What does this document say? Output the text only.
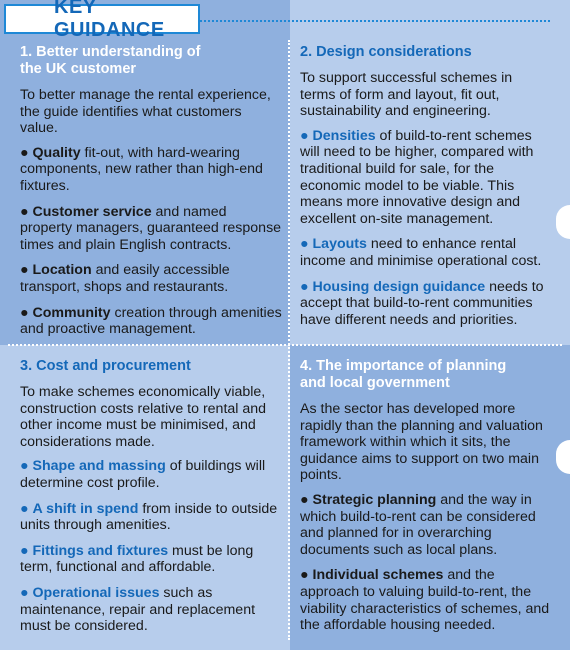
KEY GUIDANCE
1. Better understanding of
the UK customer

To better manage the rental experience, the guide identifies what customers value.

● Quality fit-out, with hard-wearing components, new rather than high-end fixtures.
● Customer service and named property managers, guaranteed response times and plain English contracts.
● Location and easily accessible transport, shops and restaurants.
● Community creation through amenities and proactive management.
2. Design considerations

To support successful schemes in terms of form and layout, fit out, sustainability and engineering.

● Densities of build-to-rent schemes will need to be higher, compared with traditional build for sale, for the economic model to be viable. This means more innovative design and excellent on-site management.
● Layouts need to enhance rental income and minimise operational cost.
● Housing design guidance needs to accept that build-to-rent communities have different needs and priorities.
3. Cost and procurement

To make schemes economically viable, construction costs relative to rental and other income must be minimised, and considerations made.

● Shape and massing of buildings will determine cost profile.
● A shift in spend from inside to outside units through amenities.
● Fittings and fixtures must be long term, functional and affordable.
● Operational issues such as maintenance, repair and replacement must be considered.
4. The importance of planning
and local government

As the sector has developed more rapidly than the planning and valuation framework within which it sits, the guidance aims to support on two main points.

● Strategic planning and the way in which build-to-rent can be considered and planned for in overarching documents such as local plans.
● Individual schemes and the approach to valuing build-to-rent, the viability characteristics of schemes, and the affordable housing needed.
